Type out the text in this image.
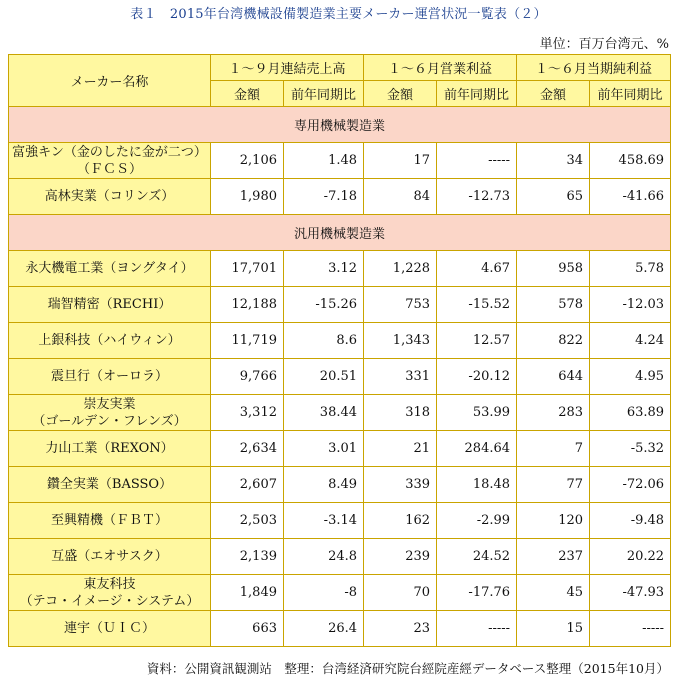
表１　2015年台湾機械設備製造業主要メーカー運営状況一覧表（２）
単位：百万台湾元、%
メーカー名称	１～９月連結売上高		１～６月営業利益		１～６月当期純利益	
	金額	前年同期比	金額	前年同期比	金額	前年同期比
専用機械製造業						

富強キン（金のしたに金が二つ）
（ＦＣＳ）	2,106	1.48	17	-----	34	458.69

高林実業（コリンズ）	1,980	-7.18	84	-12.73	65	-41.66
汎用機械製造業						

永大機電工業（ヨングタイ）	17,701	3.12	1,228	4.67	958	5.78

瑞智精密（RECHI）	12,188	-15.26	753	-15.52	578	-12.03

上銀科技（ハイウィン）	11,719	8.6	1,343	12.57	822	4.24

震旦行（オーロラ）	9,766	20.51	331	-20.12	644	4.95

崇友実業
（ゴールデン・フレンズ）	3,312	38.44	318	53.99	283	63.89

力山工業（REXON）	2,634	3.01	21	284.64	7	-5.32

鑽全実業（BASSO）	2,607	8.49	339	18.48	77	-72.06

至興精機（ＦＢＴ）	2,503	-3.14	162	-2.99	120	-9.48

互盛（エオサスク）	2,139	24.8	239	24.52	237	20.22

東友科技
（テコ・イメージ・システム）	1,849	-8	70	-17.76	45	-47.93

連宇（ＵＩＣ）	663	26.4	23	-----	15	-----
資料：公開資訊観測站　整理：台湾経済研究院台經院産經データベース整理（2015年10月）
